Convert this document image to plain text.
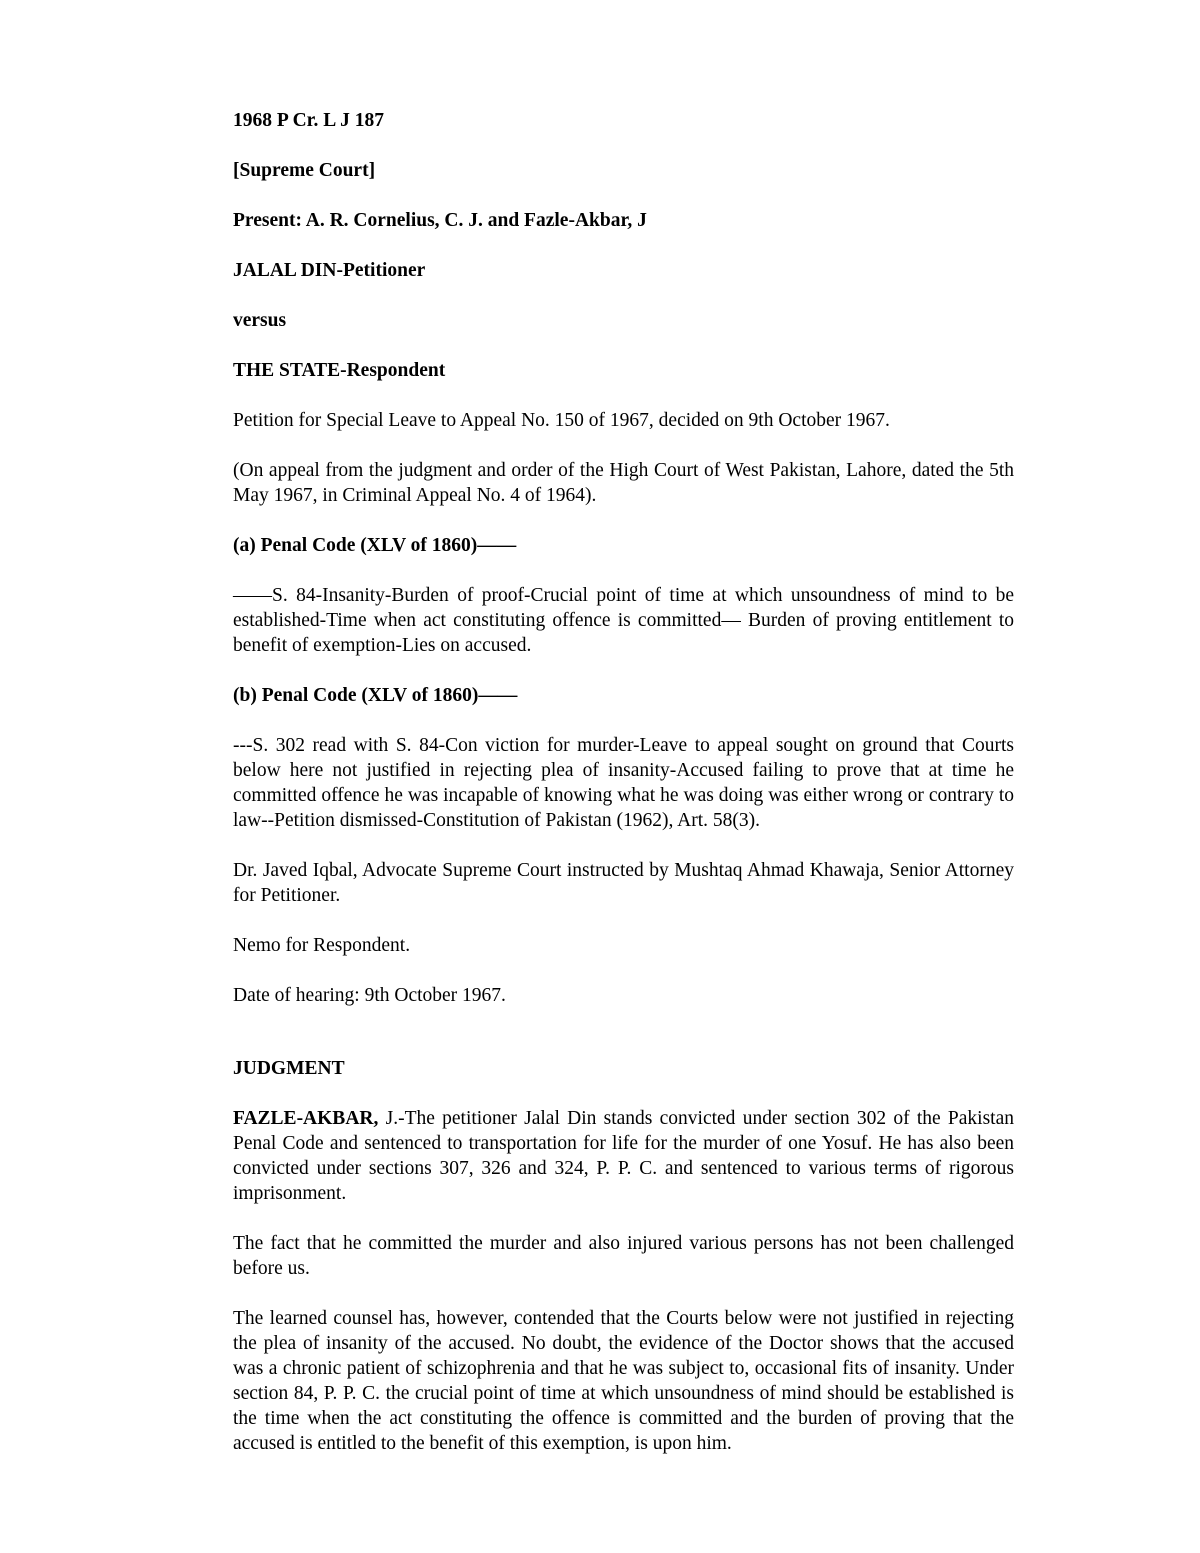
1968 P Cr. L J 187

[Supreme Court]

Present: A. R. Cornelius, C. J. and Fazle-Akbar, J

JALAL DIN-Petitioner

versus

THE STATE-Respondent

Petition for Special Leave to Appeal No. 150 of 1967, decided on 9th October 1967.

(On appeal from the judgment and order of the High Court of West Pakistan, Lahore, dated the 5th May 1967, in Criminal Appeal No. 4 of 1964).

(a) Penal Code (XLV of 1860)——

——S. 84-Insanity-Burden of proof-Crucial point of time at which unsoundness of mind to be established-Time when act constituting offence is committed— Burden of proving entitlement to benefit of exemption-Lies on accused.

(b) Penal Code (XLV of 1860)——

---S. 302 read with S. 84-Con viction for murder-Leave to appeal sought on ground that Courts below here not justified in rejecting plea of insanity-Accused failing to prove that at time he committed offence he was incapable of knowing what he was doing was either wrong or contrary to law--Petition dismissed-Constitution of Pakistan (1962), Art. 58(3).

Dr. Javed Iqbal, Advocate Supreme Court instructed by Mushtaq Ahmad Khawaja, Senior Attorney for Petitioner.

Nemo for Respondent.

Date of hearing: 9th October 1967.

JUDGMENT

FAZLE-AKBAR, J.-The petitioner Jalal Din stands convicted under section 302 of the Pakistan Penal Code and sentenced to transportation for life for the murder of one Yosuf. He has also been convicted under sections 307, 326 and 324, P. P. C. and sentenced to various terms of rigorous imprisonment.

The fact that he committed the murder and also injured various persons has not been challenged before us.

The learned counsel has, however, contended that the Courts below were not justified in rejecting the plea of insanity of the accused. No doubt, the evidence of the Doctor shows that the accused was a chronic patient of schizophrenia and that he was subject to, occasional fits of insanity. Under section 84, P. P. C. the crucial point of time at which unsoundness of mind should be established is the time when the act constituting the offence is committed and the burden of proving that the accused is entitled to the benefit of this exemption, is upon him.
